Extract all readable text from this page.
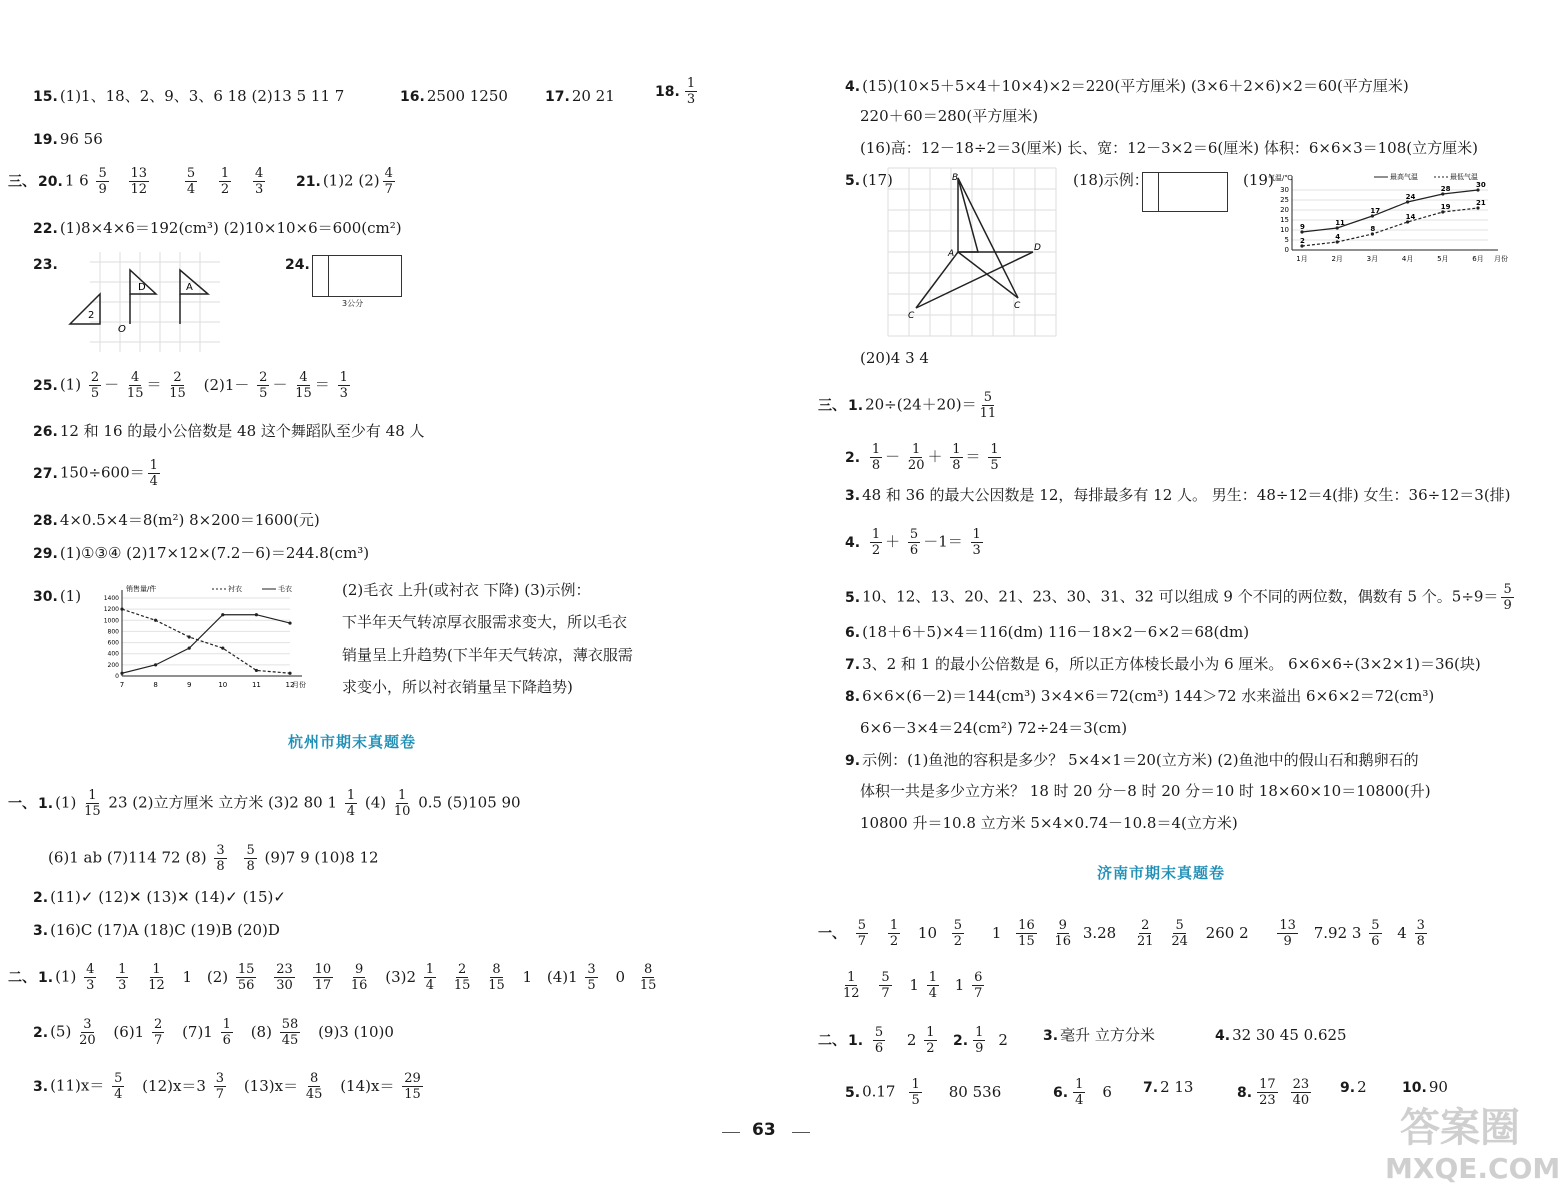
15. (1)1、18、2、9、3、6 18 (2)13 5 11 7	16. 2500 1250	17. 20 21	18. $\frac{1}{3}$
19. 96 56
三、 20. 1 $6 \frac{5}{9}$
$\frac{13}{12}$
	$\frac{5}{4}$
$\frac{1}{2}$
$\frac{4}{3} 21$. (1)2 $(2) \frac{4}{7}$
22. (1)8×4×6＝192(cm³) (2)10×10×6＝600(cm²)
23.
2
D	A
O
24.
3公分
25. $(1) \frac{2}{5} - \frac{4}{15} = \frac{2}{15} (2)1- \frac{2}{5} - \frac{4}{15} = \frac{1}{3}$
26. 12 和 16 的最小公倍数是 48 这个舞蹈队至少有 48 人
27. $150\div 600= \frac{1}{4}$
28. 4×0.5×4＝8(m²) 8×200＝1600(元)
29. (1)①③④ (2)17×12×(7.2－6)＝244.8(cm³)
30. (1)	1400
1200
1000
800
600
400
200
0
销售量/件
月份
7	8	9	10	11	12
衬衣	毛衣	(2)毛衣 上升(或衬衣 下降) (3)示例：
下半年天气转凉厚衣服需求变大，所以毛衣
销量呈上升趋势(下半年天气转凉，薄衣服需
求变小，所以衬衣销量呈下降趋势)
杭州市期末真题卷
一、 1. $(1) \frac{1}{15} 23$ (2)立方厘米 立方米 (3)2 80 $1 \frac{1}{4} (4) \frac{1}{10} 0.5$ (5)105 90
(6)1 ab (7)114 72 $(8) \frac{3}{8}$
$\frac{5}{8} (9)7$ 9 (10)8 12
2. (11)✓ (12)✕ (13)✕ (14)✓ (15)✓
3. (16)C (17)A (18)C (19)B (20)D
二、 1. $(1) \frac{4}{3}$
$\frac{1}{3}$
$\frac{1}{12} 1$ $(2) \frac{15}{56}$
$\frac{23}{30}$
$\frac{10}{17}$
$\frac{9}{16} (3)2 \frac{1}{4}$
$\frac{2}{15}$
$\frac{8}{15} 1$ $(4)1 \frac{3}{5} 0 \frac{8}{15}$
2. $(5) \frac{3}{20} (6)1 \frac{2}{7} (7)1 \frac{1}{6} (8) \frac{58}{45} (9)3$ (10)0
3. $(11)x= \frac{5}{4} (12)x=3 \frac{3}{7} (13)x= \frac{8}{45} (14)x= \frac{29}{15}$
4. (15)(10×5＋5×4＋10×4)×2＝220(平方厘米) (3×6＋2×6)×2＝60(平方厘米)
220＋60＝280(平方厘米)
(16)高：12－18÷2＝3(厘米) 长、宽：12－3×2＝6(厘米) 体积：6×6×3＝108(立方厘米)
5. (17)	B
A
D
C
C
(18)示例：	(19)
30
25
20
15
10
5
0
气温/℃	最高气温	最低气温
1月	2月	3月	4月	5月	6月 月份
9	11
17
24
28	30
2	4
8
14
19	21
(20)4 3 4
三、 1. $20\div(24+20)= \frac{5}{11}$
2. $\frac{1}{8} - \frac{1}{20} + \frac{1}{8} = \frac{1}{5}$
3. 48 和 36 的最大公因数是 12，每排最多有 12 人。 男生：48÷12＝4(排) 女生：36÷12＝3(排)
4. $\frac{1}{2} + \frac{5}{6} -1= \frac{1}{3}$
5. 10、12、13、20、21、23、30、31、32 可以组成 9 个不同的两位数，偶数有 5 个。$5\div 9= \frac{5}{9}$
6. (18＋6＋5)×4＝116(dm) 116－18×2－6×2＝68(dm)
7. 3、2 和 1 的最小公倍数是 6，所以正方体棱长最小为 6 厘米。 6×6×6÷(3×2×1)＝36(块)
8. 6×6×(6－2)＝144(cm³) 3×4×6＝72(cm³) 144＞72 水来溢出 6×6×2＝72(cm³)
6×6－3×4＝24(cm²) 72÷24＝3(cm)
9. 示例：(1)鱼池的容积是多少？ 5×4×1＝20(立方米) (2)鱼池中的假山石和鹅卵石的
体积一共是多少立方米？ 18 时 20 分－8 时 20 分＝10 时 18×60×10＝10800(升)
10800 升＝10.8 立方米 5×4×0.74－10.8＝4(立方米)
济南市期末真题卷
一、 $\frac{5}{7}$
$\frac{1}{2} 10 \frac{5}{2} 1 \frac{16}{15}$
$\frac{9}{16} 3.28 \frac{2}{21}$
$\frac{5}{24} 260$ $2 \frac{13}{9} 7.92$ $3 \frac{5}{6} 4 \frac{3}{8}$
$\frac{1}{12}$
$\frac{5}{7} 1 \frac{1}{4} 1 \frac{6}{7}$
二、 1. $\frac{5}{6} 2 \frac{1}{2} 2$. $\frac{1}{9} 2$	3. 毫升 立方分米	4. 32 30 45 0.625
5. $0.17 \frac{1}{5} 80$ 536	6. $\frac{1}{4} 6$ 7. 2 13	8. $\frac{17}{23} \frac{23}{40} 9$. 2	10. 90
63	答案圈
MXQE.COM
